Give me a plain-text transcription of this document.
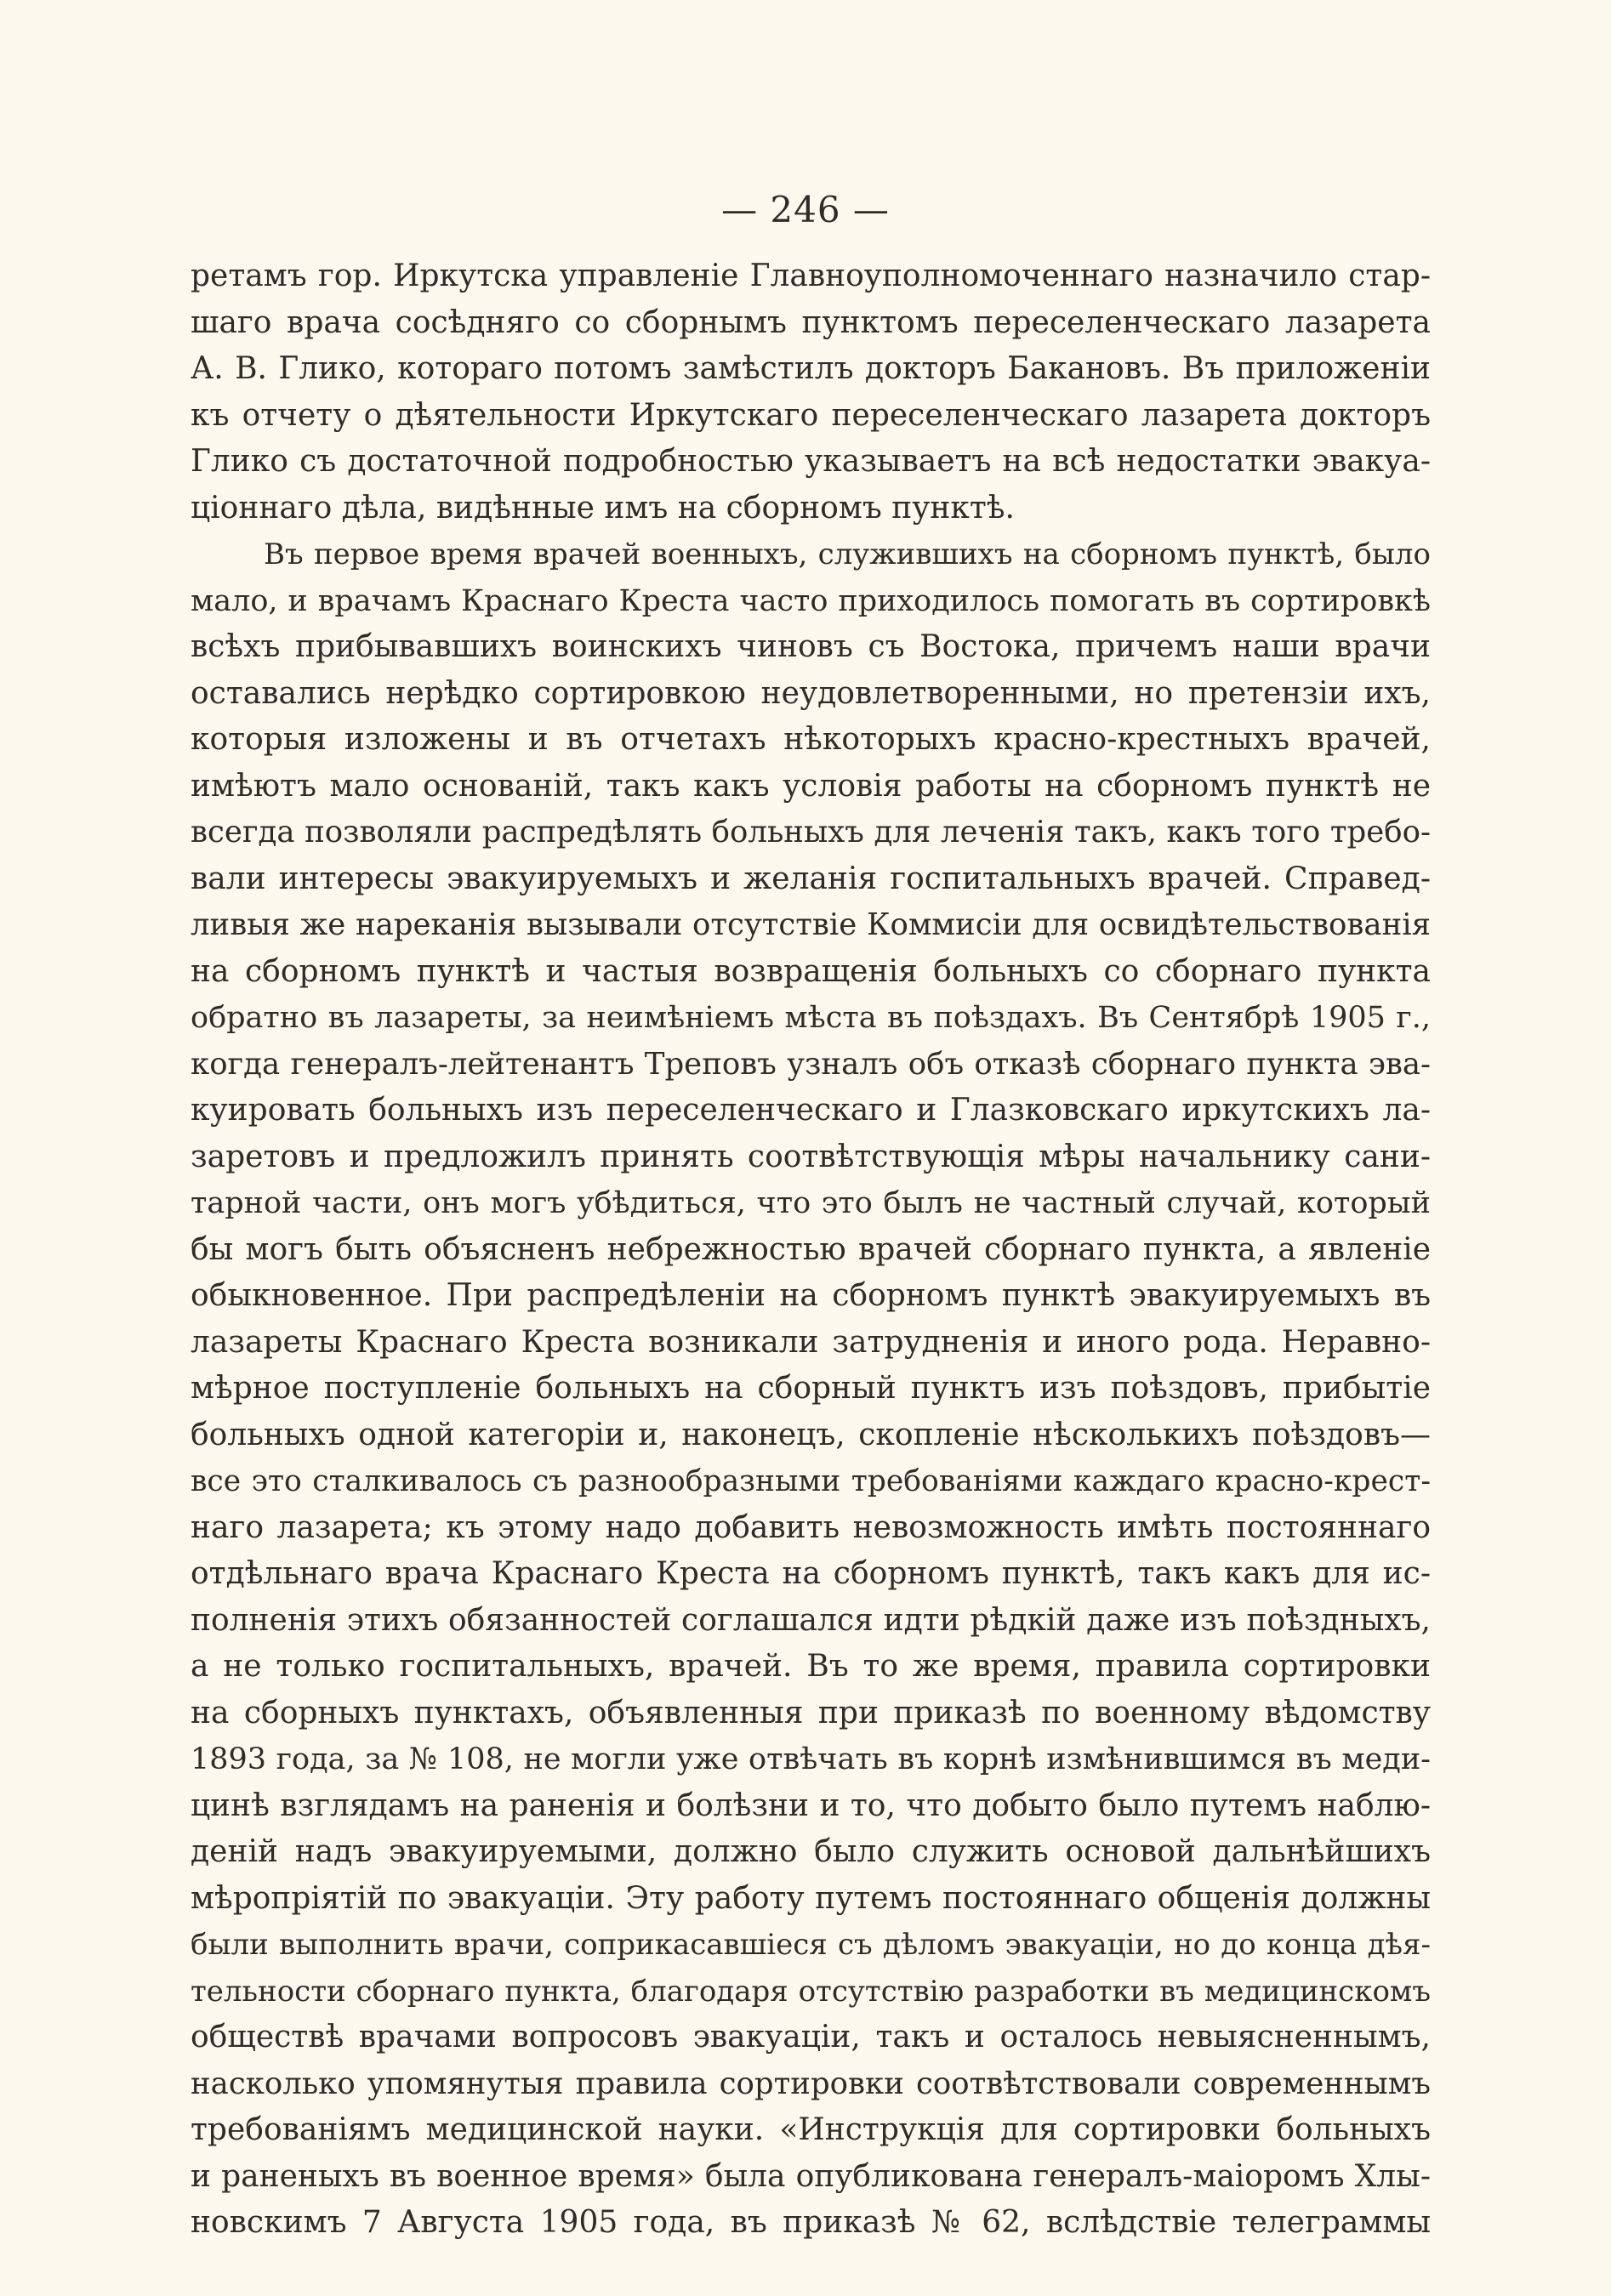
— 246 —
ретамъ гор. Иркутска управленіе Главноуполномоченнаго назначило стар-
шаго врача сосѣдняго со сборнымъ пунктомъ переселенческаго лазарета
А. В. Глико, котораго потомъ замѣстилъ докторъ Бакановъ. Въ приложеніи
къ отчету о дѣятельности Иркутскаго переселенческаго лазарета докторъ
Глико съ достаточной подробностью указываетъ на всѣ недостатки эвакуа-
ціоннаго дѣла, видѣнные имъ на сборномъ пунктѣ.
Въ первое время врачей военныхъ, служившихъ на сборномъ пунктѣ, было
мало, и врачамъ Краснаго Креста часто приходилось помогать въ сортировкѣ
всѣхъ прибывавшихъ воинскихъ чиновъ съ Востока, причемъ наши врачи
оставались нерѣдко сортировкою неудовлетворенными, но претензіи ихъ,
которыя изложены и въ отчетахъ нѣкоторыхъ красно-крестныхъ врачей,
имѣютъ мало основаній, такъ какъ условія работы на сборномъ пунктѣ не
всегда позволяли распредѣлять больныхъ для леченія такъ, какъ того требо-
вали интересы эвакуируемыхъ и желанія госпитальныхъ врачей. Справед-
ливыя же нареканія вызывали отсутствіе Коммисіи для освидѣтельствованія
на сборномъ пунктѣ и частыя возвращенія больныхъ со сборнаго пункта
обратно въ лазареты, за неимѣніемъ мѣста въ поѣздахъ. Въ Сентябрѣ 1905 г.,
когда генералъ-лейтенантъ Треповъ узналъ объ отказѣ сборнаго пункта эва-
куировать больныхъ изъ переселенческаго и Глазковскаго иркутскихъ ла-
заретовъ и предложилъ принять соотвѣтствующія мѣры начальнику сани-
тарной части, онъ могъ убѣдиться, что это былъ не частный случай, который
бы могъ быть объясненъ небрежностью врачей сборнаго пункта, а явленіе
обыкновенное. При распредѣленіи на сборномъ пунктѣ эвакуируемыхъ въ
лазареты Краснаго Креста возникали затрудненія и иного рода. Неравно-
мѣрное поступленіе больныхъ на сборный пунктъ изъ поѣздовъ, прибытіе
больныхъ одной категоріи и, наконецъ, скопленіе нѣсколькихъ поѣздовъ—
все это сталкивалось съ разнообразными требованіями каждаго красно-крест-
наго лазарета; къ этому надо добавить невозможность имѣть постояннаго
отдѣльнаго врача Краснаго Креста на сборномъ пунктѣ, такъ какъ для ис-
полненія этихъ обязанностей соглашался идти рѣдкій даже изъ поѣздныхъ,
а не только госпитальныхъ, врачей. Въ то же время, правила сортировки
на сборныхъ пунктахъ, объявленныя при приказѣ по военному вѣдомству
1893 года, за № 108, не могли уже отвѣчать въ корнѣ измѣнившимся въ меди-
цинѣ взглядамъ на раненія и болѣзни и то, что добыто было путемъ наблю-
деній надъ эвакуируемыми, должно было служить основой дальнѣйшихъ
мѣропріятій по эвакуаціи. Эту работу путемъ постояннаго общенія должны
были выполнить врачи, соприкасавшіеся съ дѣломъ эвакуаціи, но до конца дѣя-
тельности сборнаго пункта, благодаря отсутствію разработки въ медицинскомъ
обществѣ врачами вопросовъ эвакуаціи, такъ и осталось невыясненнымъ,
насколько упомянутыя правила сортировки соотвѣтствовали современнымъ
требованіямъ медицинской науки. «Инструкція для сортировки больныхъ
и раненыхъ въ военное время» была опубликована генералъ-маіоромъ Хлы-
новскимъ 7 Августа 1905 года, въ приказѣ № 62, вслѣдствіе телеграммы
